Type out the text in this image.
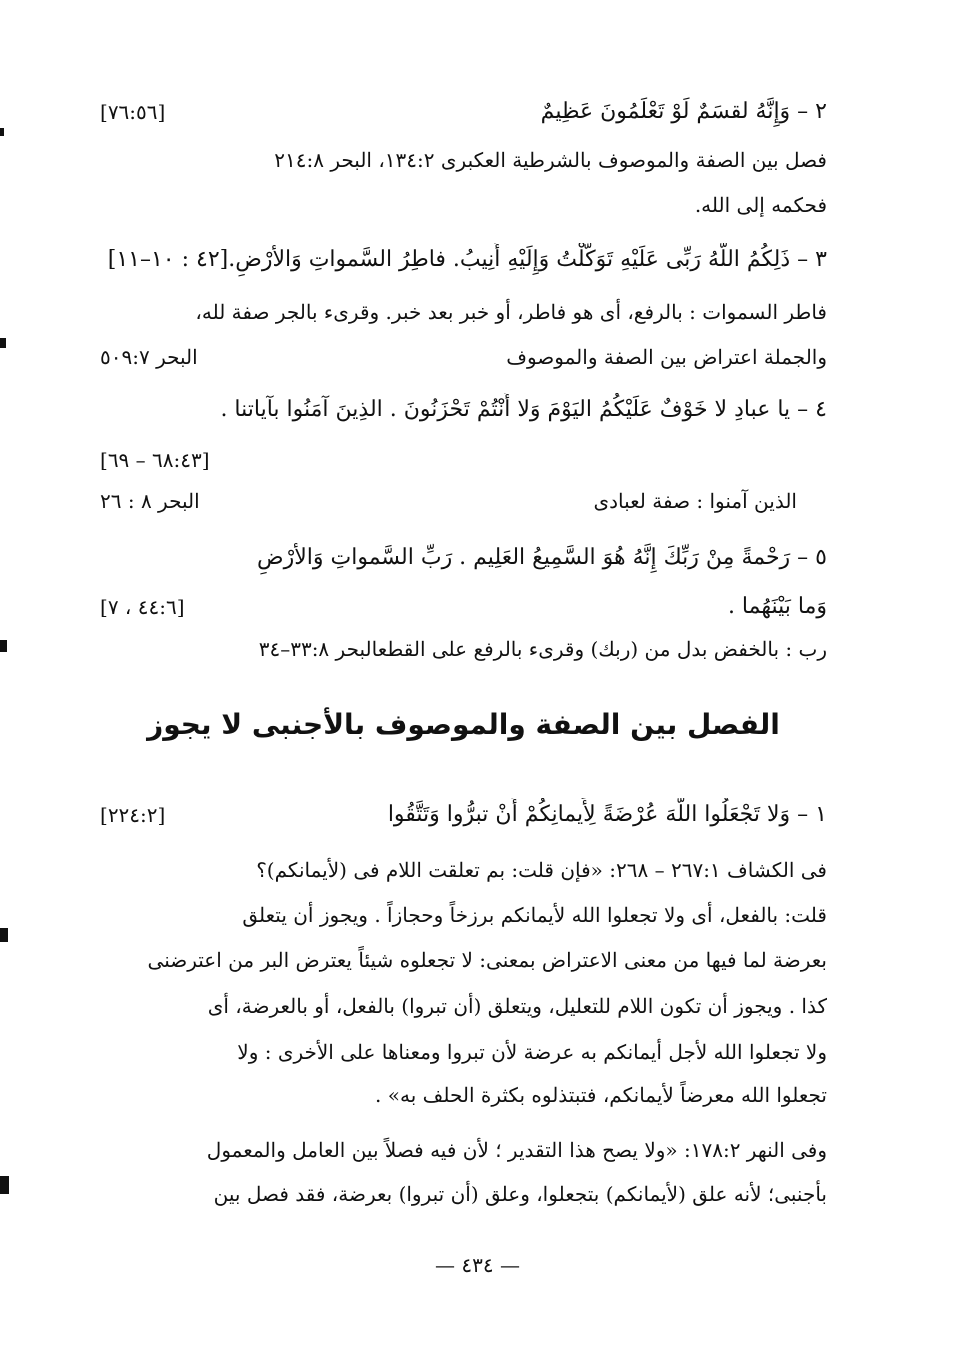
٢ – وَإِنَّهُ لقسَمٌ لَوْ تَعْلَمُونَ عَظِيمٌ
[٧٦:٥٦]
فصل بين الصفة والموصوف بالشرطية العكبرى ١٣٤:٢، البحر ٢١٤:٨
فحكمه إلى الله.
٣ – ذَلِكُمُ اللّهُ رَبِّى عَلَيْهِ تَوَكَّلْتُ وَإِلَيْهِ أُنِيبُ. فاطِرُ السَّمواتِ وَالأرْضِ.[٤٢ : ١٠–١١]
فاطر السموات : بالرفع، أى هو فاطر، أو خبر بعد خبر. وقرىء بالجر صفة لله،
والجملة اعتراض بين الصفة والموصوف
البحر ٥٠٩:٧
٤ – يا عبادِ لا خَوْفٌ عَلَيْكُمُ اليَوْمَ وَلا أَنْتُمْ تَحْزَنُونَ . الذِينَ آمَنُوا بآياتنا .
[٦٨:٤٣ – ٦٩]
الذين آمنوا : صفة لعبادى
البحر ٨ : ٢٦
٥ – رَحْمةً مِنْ رَبِّكَ إِنَّهُ هُوَ السَّمِيعُ العَلِيم . رَبِّ السَّمواتِ وَالأرْضِ
وَما بَيْنَهُما .
[٤٤:٦ ، ٧]
رب : بالخفض بدل من (ربك) وقرىء بالرفع على القطعالبحر ٣٣:٨–٣٤
الفصل بين الصفة والموصوف بالأجنبى لا يجوز
١ – وَلا تَجْعَلُوا اللّهَ عُرْضَةً لِأَيمانِكُمْ أَنْ تبرُّوا وَتَتَّقُوا
[٢٢٤:٢]
فى الكشاف ٢٦٧:١ – ٢٦٨: «فإن قلت: بم تعلقت اللام فى (لأيمانكم)؟
قلت: بالفعل، أى ولا تجعلوا الله لأيمانكم برزخاً وحجازاً . ويجوز أن يتعلق
بعرضة لما فيها من معنى الاعتراض بمعنى: لا تجعلوه شيئاً يعترض البر من اعترضنى
كذا . ويجوز أن تكون اللام للتعليل، ويتعلق (أن تبروا) بالفعل، أو بالعرضة، أى
ولا تجعلوا الله لأجل أيمانكم به عرضة لأن تبروا ومعناها على الأخرى : ولا
تجعلوا الله معرضاً لأيمانكم، فتبتذلوه بكثرة الحلف به» .
وفى النهر ١٧٨:٢: «ولا يصح هذا التقدير ؛ لأن فيه فصلاً بين العامل والمعمول
بأجنبى؛ لأنه علق (لأيمانكم) بتجعلوا، وعلق (أن تبروا) بعرضة، فقد فصل بين
— ٤٣٤ —
